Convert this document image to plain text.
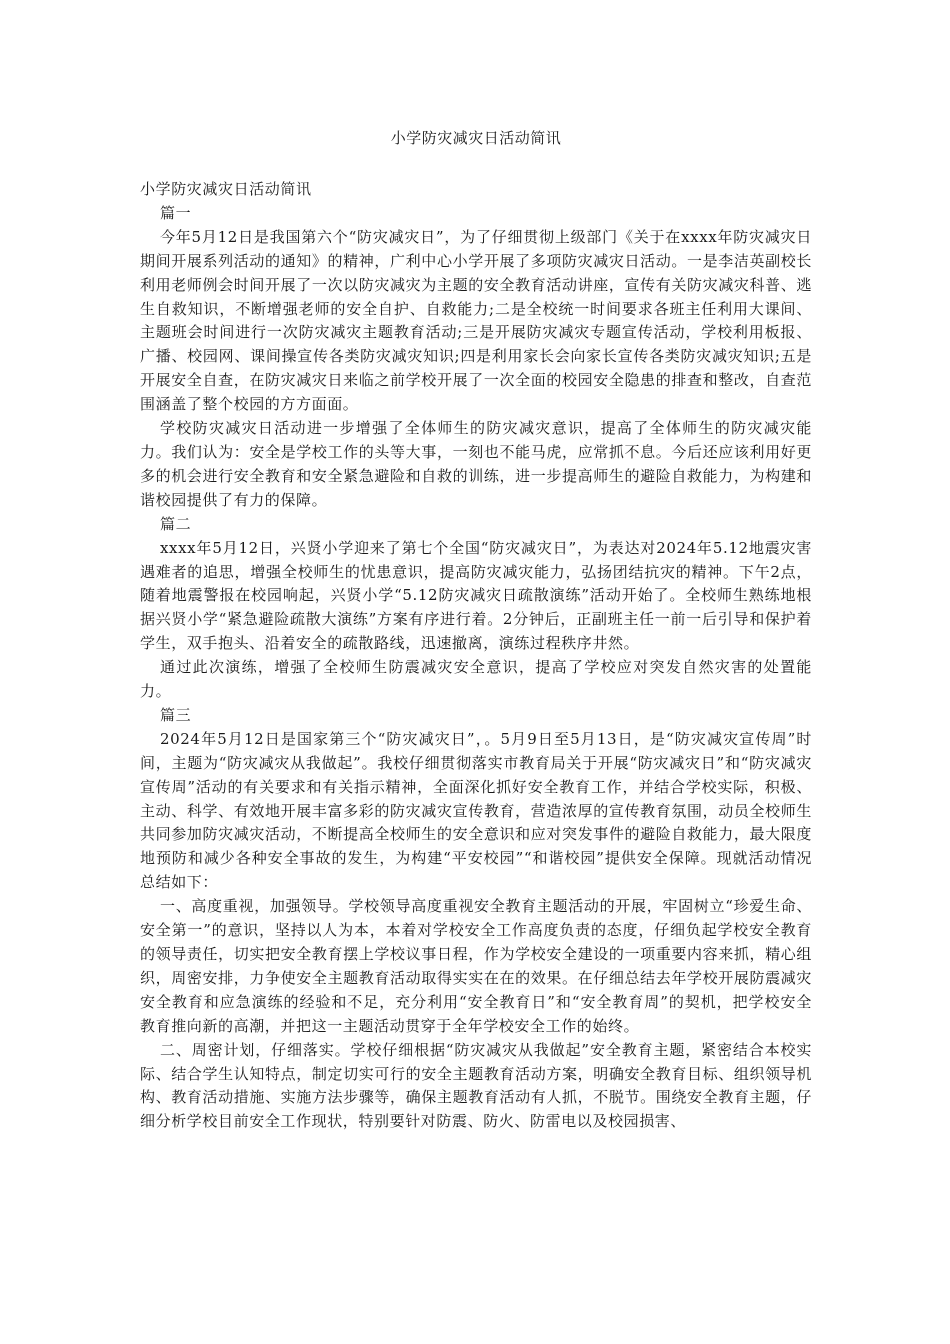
小学防灾减灾日活动简讯

小学防灾减灾日活动简讯

篇一

今年5月12日是我国第六个“防灾减灾日”，为了仔细贯彻上级部门《关于在xxxx年防灾减灾日期间开展系列活动的通知》的精神，广利中心小学开展了多项防灾减灾日活动。一是李洁英副校长利用老师例会时间开展了一次以防灾减灾为主题的安全教育活动讲座，宣传有关防灾减灾科普、逃生自救知识，不断增强老师的安全自护、自救能力;二是全校统一时间要求各班主任利用大课间、主题班会时间进行一次防灾减灾主题教育活动;三是开展防灾减灾专题宣传活动，学校利用板报、广播、校园网、课间操宣传各类防灾减灾知识;四是利用家长会向家长宣传各类防灾减灾知识;五是开展安全自查，在防灾减灾日来临之前学校开展了一次全面的校园安全隐患的排查和整改，自查范围涵盖了整个校园的方方面面。

学校防灾减灾日活动进一步增强了全体师生的防灾减灾意识，提高了全体师生的防灾减灾能力。我们认为：安全是学校工作的头等大事，一刻也不能马虎，应常抓不息。今后还应该利用好更多的机会进行安全教育和安全紧急避险和自救的训练，进一步提高师生的避险自救能力，为构建和谐校园提供了有力的保障。

篇二

xxxx年5月12日，兴贤小学迎来了第七个全国“防灾减灾日”，为表达对2024年5.12地震灾害遇难者的追思，增强全校师生的忧患意识，提高防灾减灾能力，弘扬团结抗灾的精神。下午2点，随着地震警报在校园响起，兴贤小学“5.12防灾减灾日疏散演练”活动开始了。全校师生熟练地根据兴贤小学“紧急避险疏散大演练”方案有序进行着。2分钟后，正副班主任一前一后引导和保护着学生，双手抱头、沿着安全的疏散路线，迅速撤离，演练过程秩序井然。

通过此次演练，增强了全校师生防震减灾安全意识，提高了学校应对突发自然灾害的处置能力。

篇三

2024年5月12日是国家第三个“防灾减灾日”，。5月9日至5月13日，是“防灾减灾宣传周”时间，主题为“防灾减灾从我做起”。我校仔细贯彻落实市教育局关于开展“防灾减灾日”和“防灾减灾宣传周”活动的有关要求和有关指示精神，全面深化抓好安全教育工作，并结合学校实际，积极、主动、科学、有效地开展丰富多彩的防灾减灾宣传教育，营造浓厚的宣传教育氛围，动员全校师生共同参加防灾减灾活动，不断提高全校师生的安全意识和应对突发事件的避险自救能力，最大限度地预防和减少各种安全事故的发生，为构建“平安校园”“和谐校园”提供安全保障。现就活动情况总结如下：

一、高度重视，加强领导。学校领导高度重视安全教育主题活动的开展，牢固树立“珍爱生命、安全第一”的意识，坚持以人为本，本着对学校安全工作高度负责的态度，仔细负起学校安全教育的领导责任，切实把安全教育摆上学校议事日程，作为学校安全建设的一项重要内容来抓，精心组织，周密安排，力争使安全主题教育活动取得实实在在的效果。在仔细总结去年学校开展防震减灾安全教育和应急演练的经验和不足，充分利用“安全教育日”和“安全教育周”的契机，把学校安全教育推向新的高潮，并把这一主题活动贯穿于全年学校安全工作的始终。

二、周密计划，仔细落实。学校仔细根据“防灾减灾从我做起”安全教育主题，紧密结合本校实际、结合学生认知特点，制定切实可行的安全主题教育活动方案，明确安全教育目标、组织领导机构、教育活动措施、实施方法步骤等，确保主题教育活动有人抓，不脱节。围绕安全教育主题，仔细分析学校目前安全工作现状，特别要针对防震、防火、防雷电以及校园损害、
